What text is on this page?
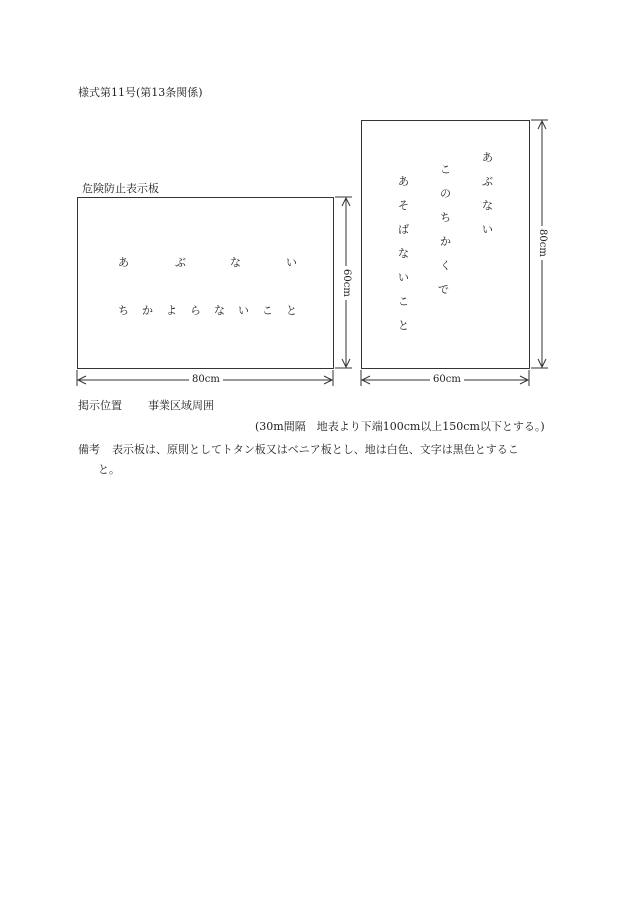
様式第11号(第13条関係)
危険防止表示板
あ	ぶ	な	い
ち か よ ら な い こ と
あ
ぶ
な
い
こ
の
ち
か
く
で
あ
そ
ば
な
い
こ
と
80cm
60cm
60cm
80cm
掲示位置 事業区域周囲
(30m間隔　地表より下端100cm以上150cm以下とする。)
備考 表示板は、原則としてトタン板又はベニア板とし、地は白色、文字は黒色とするこ
と。
